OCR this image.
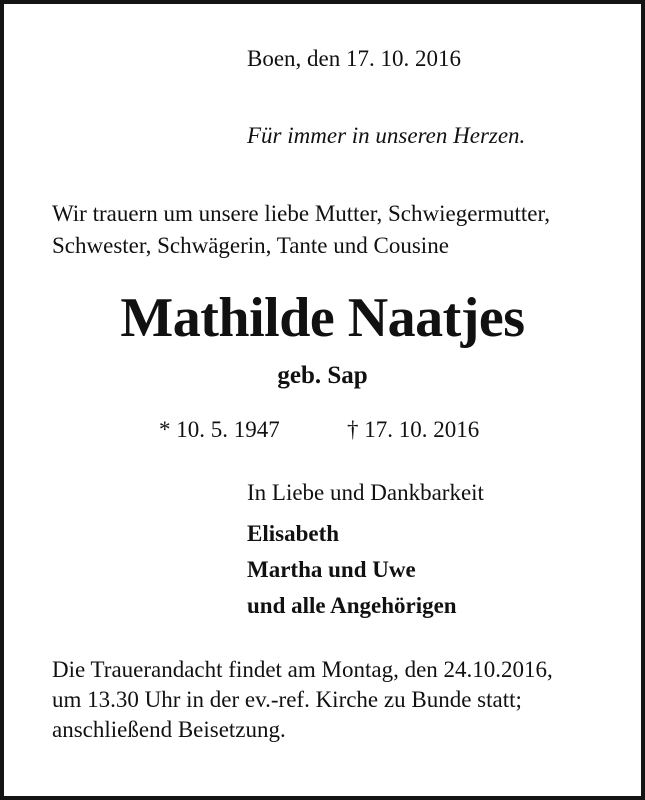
Boen, den 17. 10. 2016
Für immer in unseren Herzen.
Wir trauern um unsere liebe Mutter, Schwiegermutter,
Schwester, Schwägerin, Tante und Cousine
Mathilde Naatjes
geb. Sap
* 10. 5. 1947	† 17. 10. 2016
In Liebe und Dankbarkeit
Elisabeth
Martha und Uwe
und alle Angehörigen
Die Trauerandacht findet am Montag, den 24.10.2016,
um 13.30 Uhr in der ev.-ref. Kirche zu Bunde statt;
anschließend Beisetzung.
